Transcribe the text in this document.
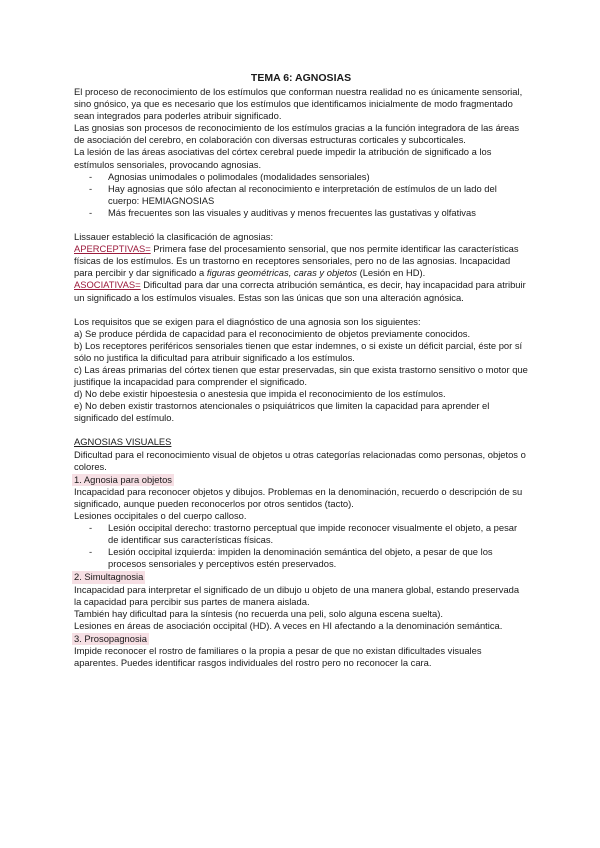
TEMA 6: AGNOSIAS

El proceso de reconocimiento de los estímulos que conforman nuestra realidad no es únicamente sensorial, sino gnósico, ya que es necesario que los estímulos que identificamos inicialmente de modo fragmentado sean integrados para poderles atribuir significado.

Las gnosias son procesos de reconocimiento de los estímulos gracias a la función integradora de las áreas de asociación del cerebro, en colaboración con diversas estructuras corticales y subcorticales.

La lesión de las áreas asociativas del córtex cerebral puede impedir la atribución de significado a los estímulos sensoriales, provocando agnosias.

- Agnosias unimodales o polimodales (modalidades sensoriales)
- Hay agnosias que sólo afectan al reconocimiento e interpretación de estímulos de un lado del cuerpo: HEMIAGNOSIAS
- Más frecuentes son las visuales y auditivas y menos frecuentes las gustativas y olfativas

Lissauer estableció la clasificación de agnosias:

APERCEPTIVAS= Primera fase del procesamiento sensorial, que nos permite identificar las características físicas de los estímulos. Es un trastorno en receptores sensoriales, pero no de las agnosias. Incapacidad para percibir y dar significado a figuras geométricas, caras y objetos (Lesión en HD).

ASOCIATIVAS= Dificultad para dar una correcta atribución semántica, es decir, hay incapacidad para atribuir un significado a los estímulos visuales. Estas son las únicas que son una alteración agnósica.

Los requisitos que se exigen para el diagnóstico de una agnosia son los siguientes:

a) Se produce pérdida de capacidad para el reconocimiento de objetos previamente conocidos.

b) Los receptores periféricos sensoriales tienen que estar indemnes, o si existe un déficit parcial, éste por sí sólo no justifica la dificultad para atribuir significado a los estímulos.

c) Las áreas primarias del córtex tienen que estar preservadas, sin que exista trastorno sensitivo o motor que justifique la incapacidad para comprender el significado.

d) No debe existir hipoestesia o anestesia que impida el reconocimiento de los estímulos.

e) No deben existir trastornos atencionales o psiquiátricos que limiten la capacidad para aprender el significado del estímulo.

AGNOSIAS VISUALES

Dificultad para el reconocimiento visual de objetos u otras categorías relacionadas como personas, objetos o colores.

1. Agnosia para objetos

Incapacidad para reconocer objetos y dibujos. Problemas en la denominación, recuerdo o descripción de su significado, aunque pueden reconocerlos por otros sentidos (tacto).

Lesiones occipitales o del cuerpo calloso.

- Lesión occipital derecho: trastorno perceptual que impide reconocer visualmente el objeto, a pesar de identificar sus características físicas.
- Lesión occipital izquierda: impiden la denominación semántica del objeto, a pesar de que los procesos sensoriales y perceptivos estén preservados.

2. Simultagnosia

Incapacidad para interpretar el significado de un dibujo u objeto de una manera global, estando preservada la capacidad para percibir sus partes de manera aislada.

También hay dificultad para la síntesis (no recuerda una peli, solo alguna escena suelta).

Lesiones en áreas de asociación occipital (HD). A veces en HI afectando a la denominación semántica.

3. Prosopagnosia

Impide reconocer el rostro de familiares o la propia a pesar de que no existan dificultades visuales aparentes. Puedes identificar rasgos individuales del rostro pero no reconocer la cara.
